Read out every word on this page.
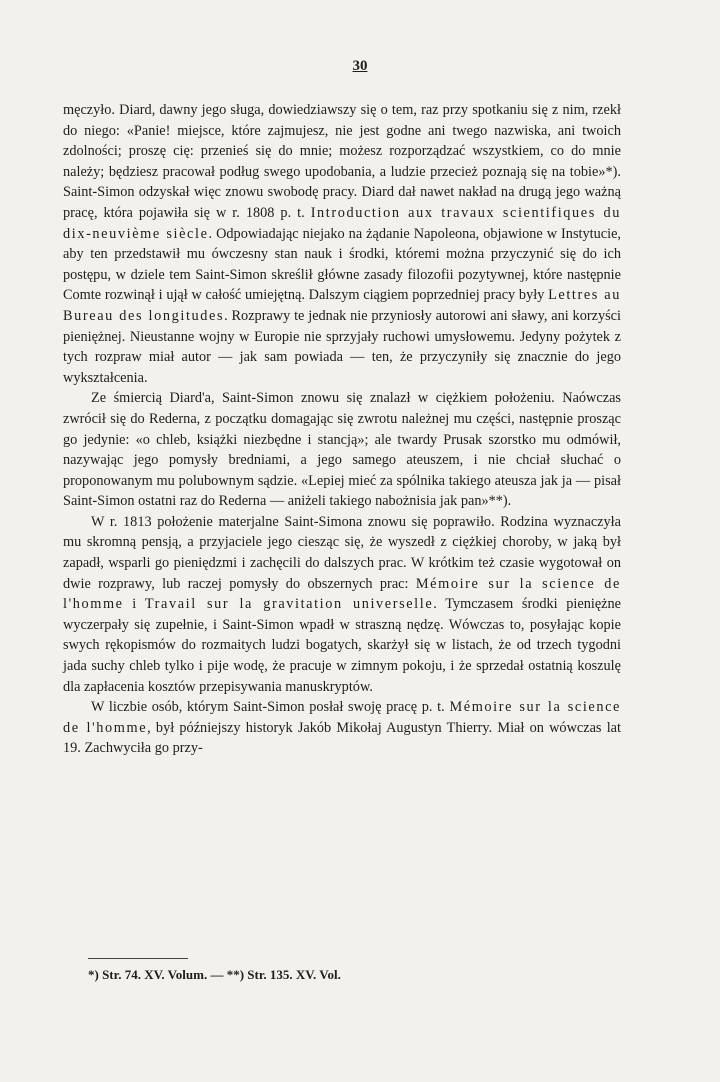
30

męczyło. Diard, dawny jego sługa, dowiedziawszy się o tem, raz przy spotkaniu się z nim, rzekł do niego: «Panie! miejsce, które zajmujesz, nie jest godne ani twego nazwiska, ani twoich zdolności; proszę cię: przenieś się do mnie; możesz rozporządzać wszystkiem, co do mnie należy; będziesz pracował podług swego upodobania, a ludzie przecież poznają się na tobie»*). Saint-Simon odzyskał więc znowu swobodę pracy. Diard dał nawet nakład na drugą jego ważną pracę, która pojawiła się w r. 1808 p. t. Introduction aux travaux scientifiques du dix-neuvième siècle. Odpowiadając niejako na żądanie Napoleona, objawione w Instytucie, aby ten przedstawił mu ówczesny stan nauk i środki, któremi można przyczynić się do ich postępu, w dziele tem Saint-Simon skreślił główne zasady filozofii pozytywnej, które następnie Comte rozwinął i ujął w całość umiejętną. Dalszym ciągiem poprzedniej pracy były Lettres au Bureau des longitudes. Rozprawy te jednak nie przyniosły autorowi ani sławy, ani korzyści pieniężnej. Nieustanne wojny w Europie nie sprzyjały ruchowi umysłowemu. Jedyny pożytek z tych rozpraw miał autor — jak sam powiada — ten, że przyczyniły się znacznie do jego wykształcenia.

Ze śmiercią Diard'a, Saint-Simon znowu się znalazł w ciężkiem położeniu. Naówczas zwrócił się do Rederna, z początku domagając się zwrotu należnej mu części, następnie prosząc go jedynie: «o chleb, książki niezbędne i stancją»; ale twardy Prusak szorstko mu odmówił, nazywając jego pomysły bredniami, a jego samego ateuszem, i nie chciał słuchać o proponowanym mu polubownym sądzie. «Lepiej mieć za spólnika takiego ateusza jak ja — pisał Saint-Simon ostatni raz do Rederna — aniżeli takiego nabożnisia jak pan»**).

W r. 1813 położenie materjalne Saint-Simona znowu się poprawiło. Rodzina wyznaczyła mu skromną pensją, a przyjaciele jego ciesząc się, że wyszedł z ciężkiej choroby, w jaką był zapadł, wsparli go pieniędzmi i zachęcili do dalszych prac. W krótkim też czasie wygotował on dwie rozprawy, lub raczej pomysły do obszernych prac: Mémoire sur la science de l'homme i Travail sur la gravitation universelle. Tymczasem środki pieniężne wyczerpały się zupełnie, i Saint-Simon wpadł w straszną nędzę. Wówczas to, posyłając kopie swych rękopismów do rozmaitych ludzi bogatych, skarżył się w listach, że od trzech tygodni jada suchy chleb tylko i pije wodę, że pracuje w zimnym pokoju, i że sprzedał ostatnią koszulę dla zapłacenia kosztów przepisywania manuskryptów.

W liczbie osób, którym Saint-Simon posłał swoję pracę p. t. Mémoire sur la science de l'homme, był późniejszy historyk Jakób Mikołaj Augustyn Thierry. Miał on wówczas lat 19. Zachwyciła go przy-

*) Str. 74. XV. Volum. — **) Str. 135. XV. Vol.
